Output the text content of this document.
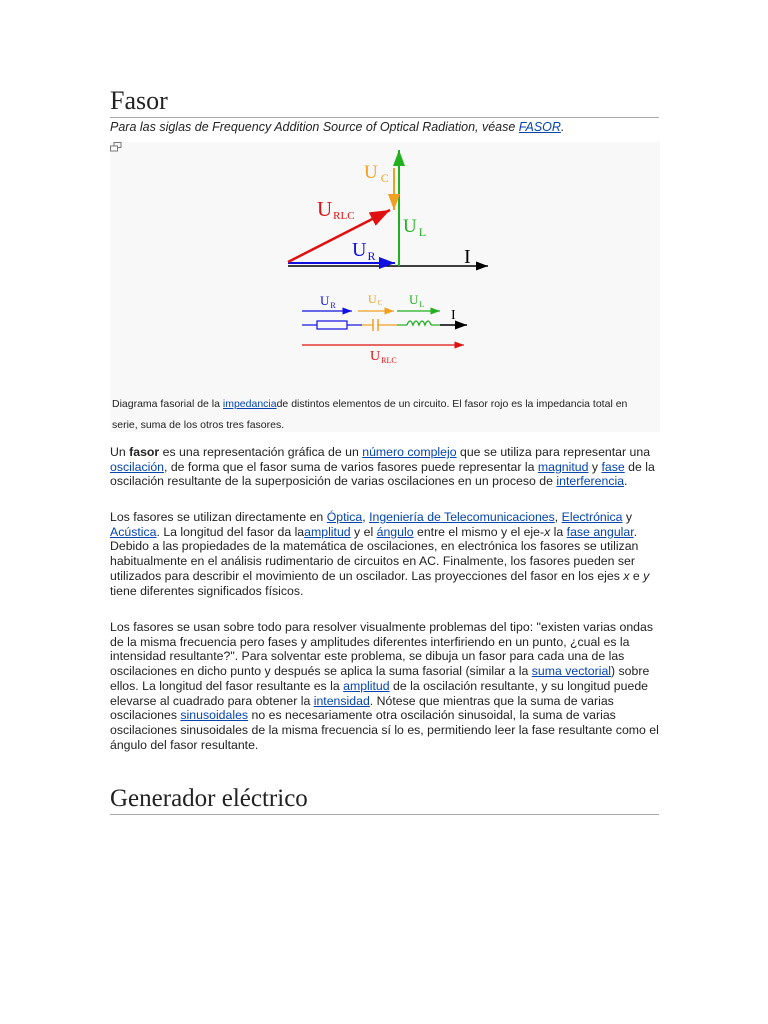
Fasor
Para las siglas de Frequency Addition Source of Optical Radiation, véase FASOR.
U $_C$
URLC	U $_L$
$U_R$	I
$U_R$	UC $U_L$
I
$U_{RLC}$
Diagrama fasorial de la impedanciade distintos elementos de un circuito. El fasor rojo es la impedancia total en serie, suma de los otros tres fasores.

Un fasor es una representación gráfica de un número complejo que se utiliza para representar una oscilación, de forma que el fasor suma de varios fasores puede representar la magnitud y fase de la oscilación resultante de la superposición de varias oscilaciones en un proceso de interferencia.

Los fasores se utilizan directamente en Óptica, Ingeniería de Telecomunicaciones, Electrónica y Acústica. La longitud del fasor da laamplitud y el ángulo entre el mismo y el eje-x la fase angular. Debido a las propiedades de la matemática de oscilaciones, en electrónica los fasores se utilizan habitualmente en el análisis rudimentario de circuitos en AC. Finalmente, los fasores pueden ser utilizados para describir el movimiento de un oscilador. Las proyecciones del fasor en los ejes x e y tiene diferentes significados físicos.

Los fasores se usan sobre todo para resolver visualmente problemas del tipo: "existen varias ondas de la misma frecuencia pero fases y amplitudes diferentes interfiriendo en un punto, ¿cual es la intensidad resultante?". Para solventar este problema, se dibuja un fasor para cada una de las oscilaciones en dicho punto y después se aplica la suma fasorial (similar a la suma vectorial) sobre ellos. La longitud del fasor resultante es la amplitud de la oscilación resultante, y su longitud puede elevarse al cuadrado para obtener la intensidad. Nótese que mientras que la suma de varias oscilaciones sinusoidales no es necesariamente otra oscilación sinusoidal, la suma de varias oscilaciones sinusoidales de la misma frecuencia sí lo es, permitiendo leer la fase resultante como el ángulo del fasor resultante.

Generador eléctrico
